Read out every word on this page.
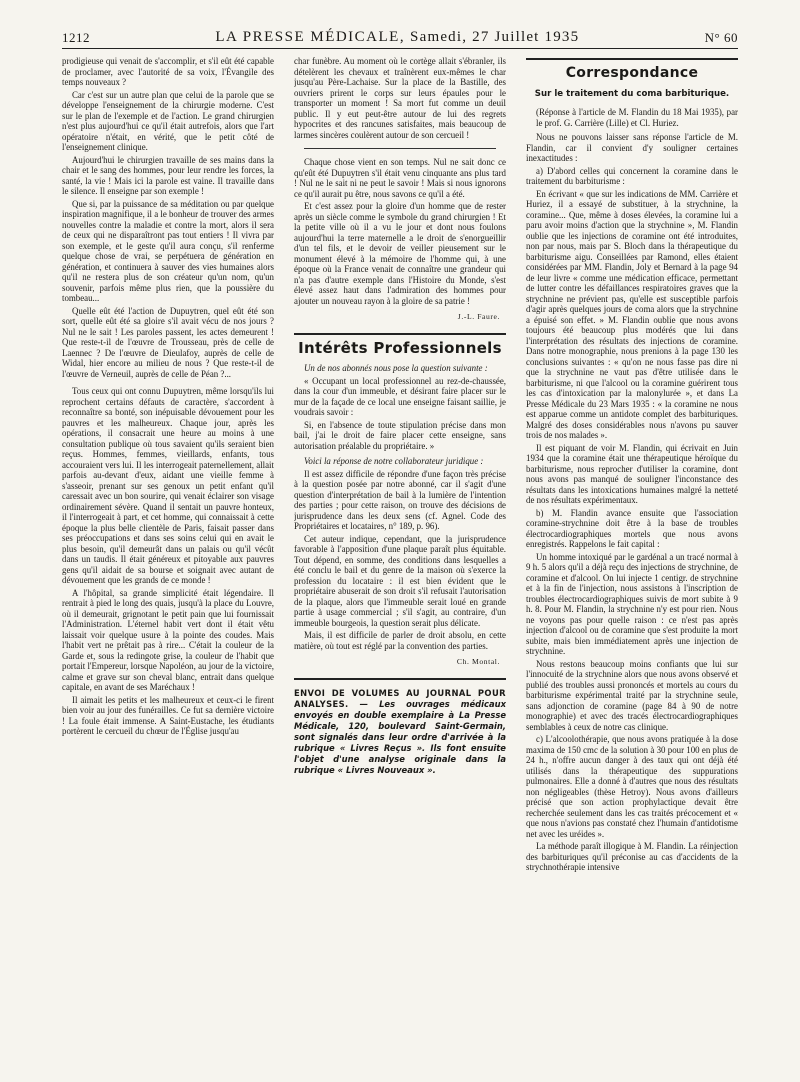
1212	LA PRESSE MÉDICALE, Samedi, 27 Juillet 1935	N° 60

prodigieuse qui venait de s'accomplir, et s'il eût été capable de proclamer, avec l'autorité de sa voix, l'Évangile des temps nouveaux ?

Car c'est sur un autre plan que celui de la parole que se développe l'enseignement de la chirurgie moderne. C'est sur le plan de l'exemple et de l'action. Le grand chirurgien n'est plus aujourd'hui ce qu'il était autrefois, alors que l'art opératoire n'était, en vérité, que le petit côté de l'enseignement clinique.

Aujourd'hui le chirurgien travaille de ses mains dans la chair et le sang des hommes, pour leur rendre les forces, la santé, la vie ! Mais ici la parole est vaine. Il travaille dans le silence. Il enseigne par son exemple !

Que si, par la puissance de sa méditation ou par quelque inspiration magnifique, il a le bonheur de trouver des armes nouvelles contre la maladie et contre la mort, alors il sera de ceux qui ne disparaîtront pas tout entiers ! Il vivra par son exemple, et le geste qu'il aura conçu, s'il renferme quelque chose de vrai, se perpétuera de génération en génération, et continuera à sauver des vies humaines alors qu'il ne restera plus de son créateur qu'un nom, qu'un souvenir, parfois même plus rien, que la poussière du tombeau...

Quelle eût été l'action de Dupuytren, quel eût été son sort, quelle eût été sa gloire s'il avait vécu de nos jours ? Nul ne le sait ! Les paroles passent, les actes demeurent ! Que reste-t-il de l'œuvre de Trousseau, près de celle de Laennec ? De l'œuvre de Dieulafoy, auprès de celle de Widal, hier encore au milieu de nous ? Que reste-t-il de l'œuvre de Verneuil, auprès de celle de Péan ?...

Tous ceux qui ont connu Dupuytren, même lorsqu'ils lui reprochent certains défauts de caractère, s'accordent à reconnaître sa bonté, son inépuisable dévouement pour les pauvres et les malheureux. Chaque jour, après les opérations, il consacrait une heure au moins à une consultation publique où tous savaient qu'ils seraient bien reçus. Hommes, femmes, vieillards, enfants, tous accouraient vers lui. Il les interrogeait paternellement, allait parfois au-devant d'eux, aidant une vieille femme à s'asseoir, prenant sur ses genoux un petit enfant qu'il caressait avec un bon sourire, qui venait éclairer son visage ordinairement sévère. Quand il sentait un pauvre honteux, il l'interrogeait à part, et cet homme, qui connaissait à cette époque la plus belle clientèle de Paris, faisait passer dans ses préoccupations et dans ses soins celui qui en avait le plus besoin, qu'il demeurât dans un palais ou qu'il vécût dans un taudis. Il était généreux et pitoyable aux pauvres gens qu'il aidait de sa bourse et soignait avec autant de dévouement que les grands de ce monde !

A l'hôpital, sa grande simplicité était légendaire. Il rentrait à pied le long des quais, jusqu'à la place du Louvre, où il demeurait, grignotant le petit pain que lui fournissait l'Administration. L'éternel habit vert dont il était vêtu laissait voir quelque usure à la pointe des coudes. Mais l'habit vert ne prêtait pas à rire... C'était la couleur de la Garde et, sous la redingote grise, la couleur de l'habit que portait l'Empereur, lorsque Napoléon, au jour de la victoire, calme et grave sur son cheval blanc, entrait dans quelque capitale, en avant de ses Maréchaux !

Il aimait les petits et les malheureux et ceux-ci le firent bien voir au jour des funérailles. Ce fut sa dernière victoire ! La foule était immense. A Saint-Eustache, les étudiants portèrent le cercueil du chœur de l'Église jusqu'au

char funèbre. Au moment où le cortège allait s'ébranler, ils dételèrent les chevaux et traînèrent eux-mêmes le char jusqu'au Père-Lachaise. Sur la place de la Bastille, des ouvriers prirent le corps sur leurs épaules pour le transporter un moment ! Sa mort fut comme un deuil public. Il y eut peut-être autour de lui des regrets hypocrites et des rancunes satisfaites, mais beaucoup de larmes sincères coulèrent autour de son cercueil !

Chaque chose vient en son temps. Nul ne sait donc ce qu'eût été Dupuytren s'il était venu cinquante ans plus tard ! Nul ne le sait ni ne peut le savoir ! Mais si nous ignorons ce qu'il aurait pu être, nous savons ce qu'il a été.

Et c'est assez pour la gloire d'un homme que de rester après un siècle comme le symbole du grand chirurgien ! Et la petite ville où il a vu le jour et dont nous foulons aujourd'hui la terre maternelle a le droit de s'enorgueillir d'un tel fils, et le devoir de veiller pieusement sur le monument élevé à la mémoire de l'homme qui, à une époque où la France venait de connaître une grandeur qui n'a pas d'autre exemple dans l'Histoire du Monde, s'est élevé assez haut dans l'admiration des hommes pour ajouter un nouveau rayon à la gloire de sa patrie !

J.-L. Faure.

Intérêts Professionnels

Un de nos abonnés nous pose la question suivante :

« Occupant un local professionnel au rez-de-chaussée, dans la cour d'un immeuble, et désirant faire placer sur le mur de la façade de ce local une enseigne faisant saillie, je voudrais savoir :

Si, en l'absence de toute stipulation précise dans mon bail, j'ai le droit de faire placer cette enseigne, sans autorisation préalable du propriétaire. »

Voici la réponse de notre collaborateur juridique :

Il est assez difficile de répondre d'une façon très précise à la question posée par notre abonné, car il s'agit d'une question d'interprétation de bail à la lumière de l'intention des parties ; pour cette raison, on trouve des décisions de jurisprudence dans les deux sens (cf. Agnel. Code des Propriétaires et locataires, n° 189, p. 96).

Cet auteur indique, cependant, que la jurisprudence favorable à l'apposition d'une plaque paraît plus équitable. Tout dépend, en somme, des conditions dans lesquelles a été conclu le bail et du genre de la maison où s'exerce la profession du locataire : il est bien évident que le propriétaire abuserait de son droit s'il refusait l'autorisation de la plaque, alors que l'immeuble serait loué en grande partie à usage commercial ; s'il s'agit, au contraire, d'un immeuble bourgeois, la question serait plus délicate.

Mais, il est difficile de parler de droit absolu, en cette matière, où tout est réglé par la convention des parties.

Ch. Montal.

ENVOI DE VOLUMES AU JOURNAL POUR ANALYSES. — Les ouvrages médicaux envoyés en double exemplaire à La Presse Médicale, 120, boulevard Saint-Germain, sont signalés dans leur ordre d'arrivée à la rubrique « Livres Reçus ». Ils font ensuite l'objet d'une analyse originale dans la rubrique « Livres Nouveaux ».
Correspondance
Sur le traitement du coma barbiturique.

(Réponse à l'article de M. Flandin du 18 Mai 1935), par le prof. G. Carrière (Lille) et Cl. Huriez.

Nous ne pouvons laisser sans réponse l'article de M. Flandin, car il convient d'y souligner certaines inexactitudes :

a) D'abord celles qui concernent la coramine dans le traitement du barbiturisme :

En écrivant « que sur les indications de MM. Carrière et Huriez, il a essayé de substituer, à la strychnine, la coramine... Que, même à doses élevées, la coramine lui a paru avoir moins d'action que la strychnine », M. Flandin oublie que les injections de coramine ont été introduites, non par nous, mais par S. Bloch dans la thérapeutique du barbiturisme aigu. Conseillées par Ramond, elles étaient considérées par MM. Flandin, Joly et Bernard à la page 94 de leur livre « comme une médication efficace, permettant de lutter contre les défaillances respiratoires graves que la strychnine ne prévient pas, qu'elle est susceptible parfois d'agir après quelques jours de coma alors que la strychnine a épuisé son effet. » M. Flandin oublie que nous avons toujours été beaucoup plus modérés que lui dans l'interprétation des résultats des injections de coramine. Dans notre monographie, nous prenions à la page 130 les conclusions suivantes : « qu'on ne nous fasse pas dire ni que la strychnine ne vaut pas d'être utilisée dans le barbiturisme, ni que l'alcool ou la coramine guérirent tous les cas d'intoxication par la malonylurée », et dans La Presse Médicale du 23 Mars 1935 : « la coramine ne nous est apparue comme un antidote complet des barbituriques. Malgré des doses considérables nous n'avons pu sauver trois de nos malades ».

Il est piquant de voir M. Flandin, qui écrivait en Juin 1934 que la coramine était une thérapeutique héroïque du barbiturisme, nous reprocher d'utiliser la coramine, dont nous avons pas manqué de souligner l'inconstance des résultats dans les intoxications humaines malgré la netteté de nos résultats expérimentaux.

b) M. Flandin avance ensuite que l'association coramine-strychnine doit être à la base de troubles électrocardiographiques mortels que nous avons enregistrés. Rappelons le fait capital :

Un homme intoxiqué par le gardénal a un tracé normal à 9 h. 5 alors qu'il a déjà reçu des injections de strychnine, de coramine et d'alcool. On lui injecte 1 centigr. de strychnine et à la fin de l'injection, nous assistons à l'inscription de troubles électrocardiographiques suivis de mort subite à 9 h. 8. Pour M. Flandin, la strychnine n'y est pour rien. Nous ne voyons pas pour quelle raison : ce n'est pas après injection d'alcool ou de coramine que s'est produite la mort subite, mais bien immédiatement après une injection de strychnine.

Nous restons beaucoup moins confiants que lui sur l'innocuité de la strychnine alors que nous avons observé et publié des troubles aussi prononcés et mortels au cours du barbiturisme expérimental traité par la strychnine seule, sans adjonction de coramine (page 84 à 90 de notre monographie) et avec des tracés électrocardiographiques semblables à ceux de notre cas clinique.

c) L'alcoolothérapie, que nous avons pratiquée à la dose maxima de 150 cmc de la solution à 30 pour 100 en plus de 24 h., n'offre aucun danger à des taux qui ont déjà été utilisés dans la thérapeutique des suppurations pulmonaires. Elle a donné à d'autres que nous des résultats non négligeables (thèse Hetroy). Nous avons d'ailleurs précisé que son action prophylactique devait être recherchée seulement dans les cas traités précocement et « que nous n'avions pas constaté chez l'humain d'antidotisme net avec les uréides ».

La méthode paraît illogique à M. Flandin. La réinjection des barbituriques qu'il préconise au cas d'accidents de la strychnothérapie intensive
